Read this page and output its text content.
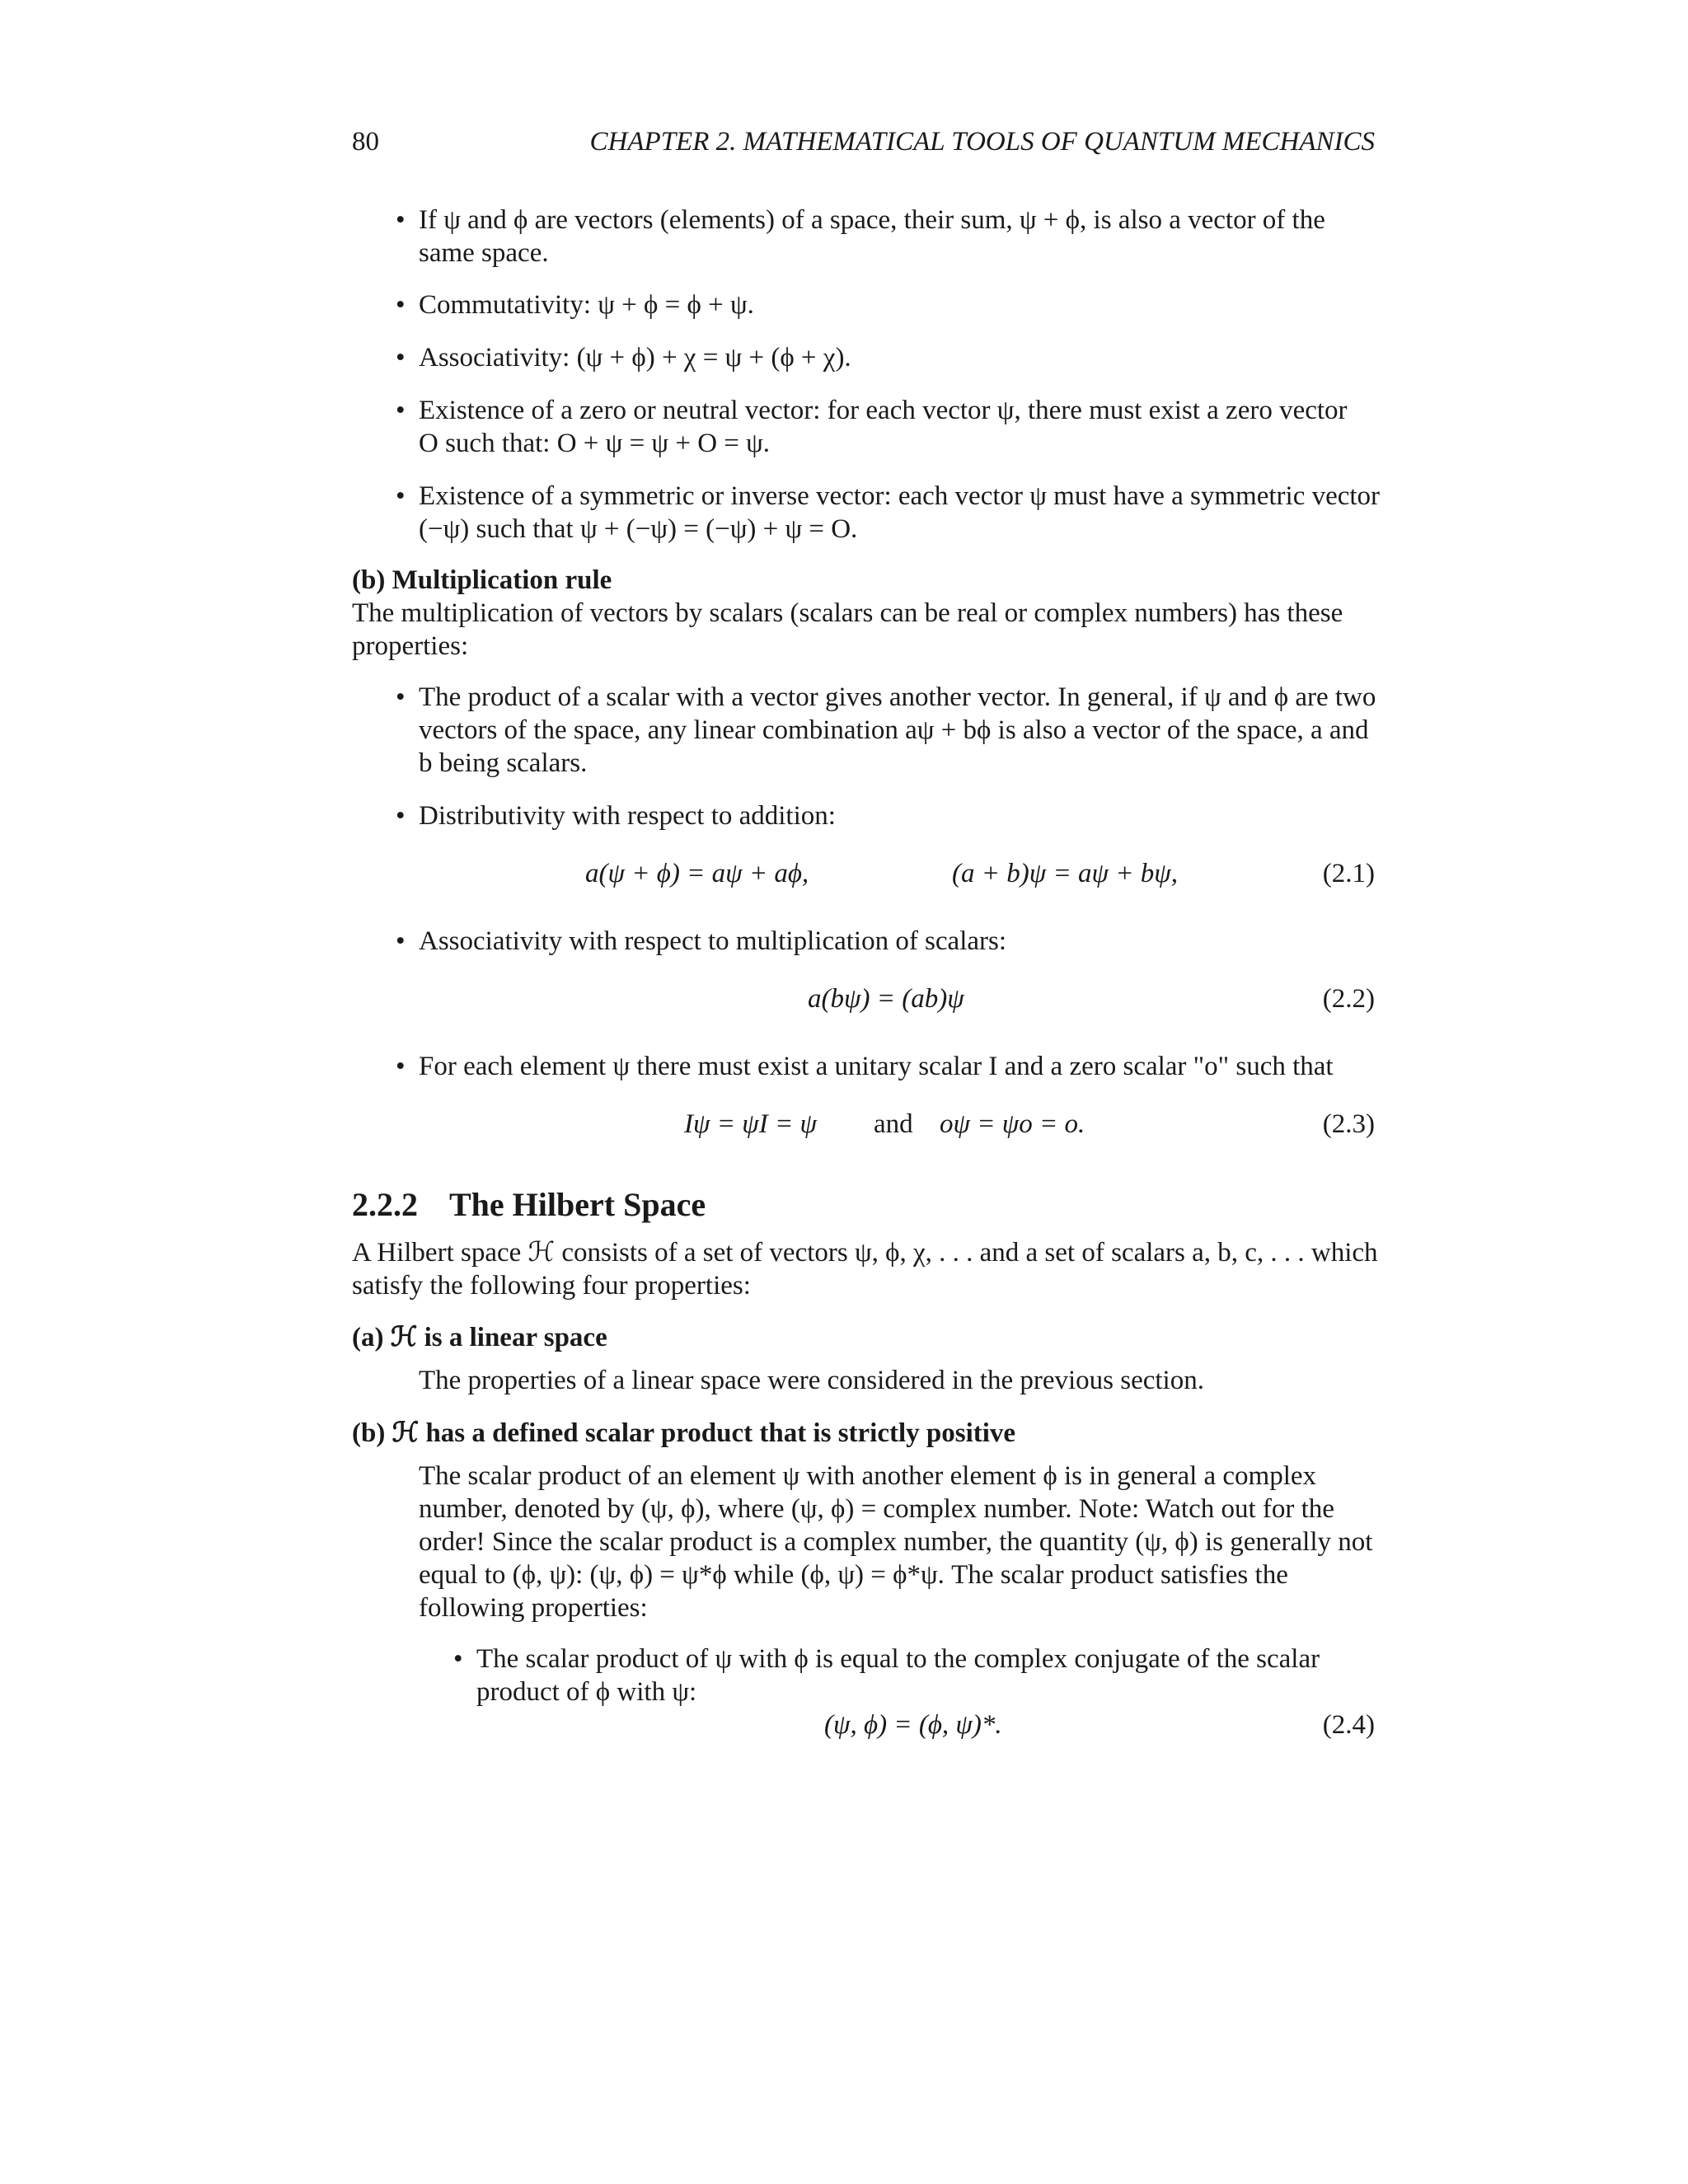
80	CHAPTER 2. MATHEMATICAL TOOLS OF QUANTUM MECHANICS
• If ψ and ϕ are vectors (elements) of a space, their sum, ψ + ϕ, is also a vector of the
same space.
• Commutativity: ψ + ϕ = ϕ + ψ.
• Associativity: (ψ + ϕ) + χ = ψ + (ϕ + χ).
• Existence of a zero or neutral vector: for each vector ψ, there must exist a zero vector
O such that: O + ψ = ψ + O = ψ.
• Existence of a symmetric or inverse vector: each vector ψ must have a symmetric vector
(−ψ) such that ψ + (−ψ) = (−ψ) + ψ = O.
(b) Multiplication rule
The multiplication of vectors by scalars (scalars can be real or complex numbers) has these
properties:
• The product of a scalar with a vector gives another vector. In general, if ψ and ϕ are two
vectors of the space, any linear combination aψ + bϕ is also a vector of the space, a and
b being scalars.
• Distributivity with respect to addition:
a(ψ + ϕ) = aψ + aϕ,	(a + b)ψ = aψ + bψ,	(2.1)
• Associativity with respect to multiplication of scalars:
a(bψ) = (ab)ψ	(2.2)
• For each element ψ there must exist a unitary scalar I and a zero scalar "o" such that
Iψ = ψI = ψ and oψ = ψo = o.	(2.3)
2.2.2 The Hilbert Space
A Hilbert space ℋ consists of a set of vectors ψ, ϕ, χ, . . . and a set of scalars a, b, c, . . . which
satisfy the following four properties:
(a) ℋ is a linear space
The properties of a linear space were considered in the previous section.
(b) ℋ has a defined scalar product that is strictly positive
The scalar product of an element ψ with another element ϕ is in general a complex
number, denoted by (ψ, ϕ), where (ψ, ϕ) = complex number. Note: Watch out for the
order! Since the scalar product is a complex number, the quantity (ψ, ϕ) is generally not
equal to (ϕ, ψ): (ψ, ϕ) = ψ*ϕ while (ϕ, ψ) = ϕ*ψ. The scalar product satisfies the
following properties:
• The scalar product of ψ with ϕ is equal to the complex conjugate of the scalar
product of ϕ with ψ:
(ψ, ϕ) = (ϕ, ψ)*.	(2.4)
